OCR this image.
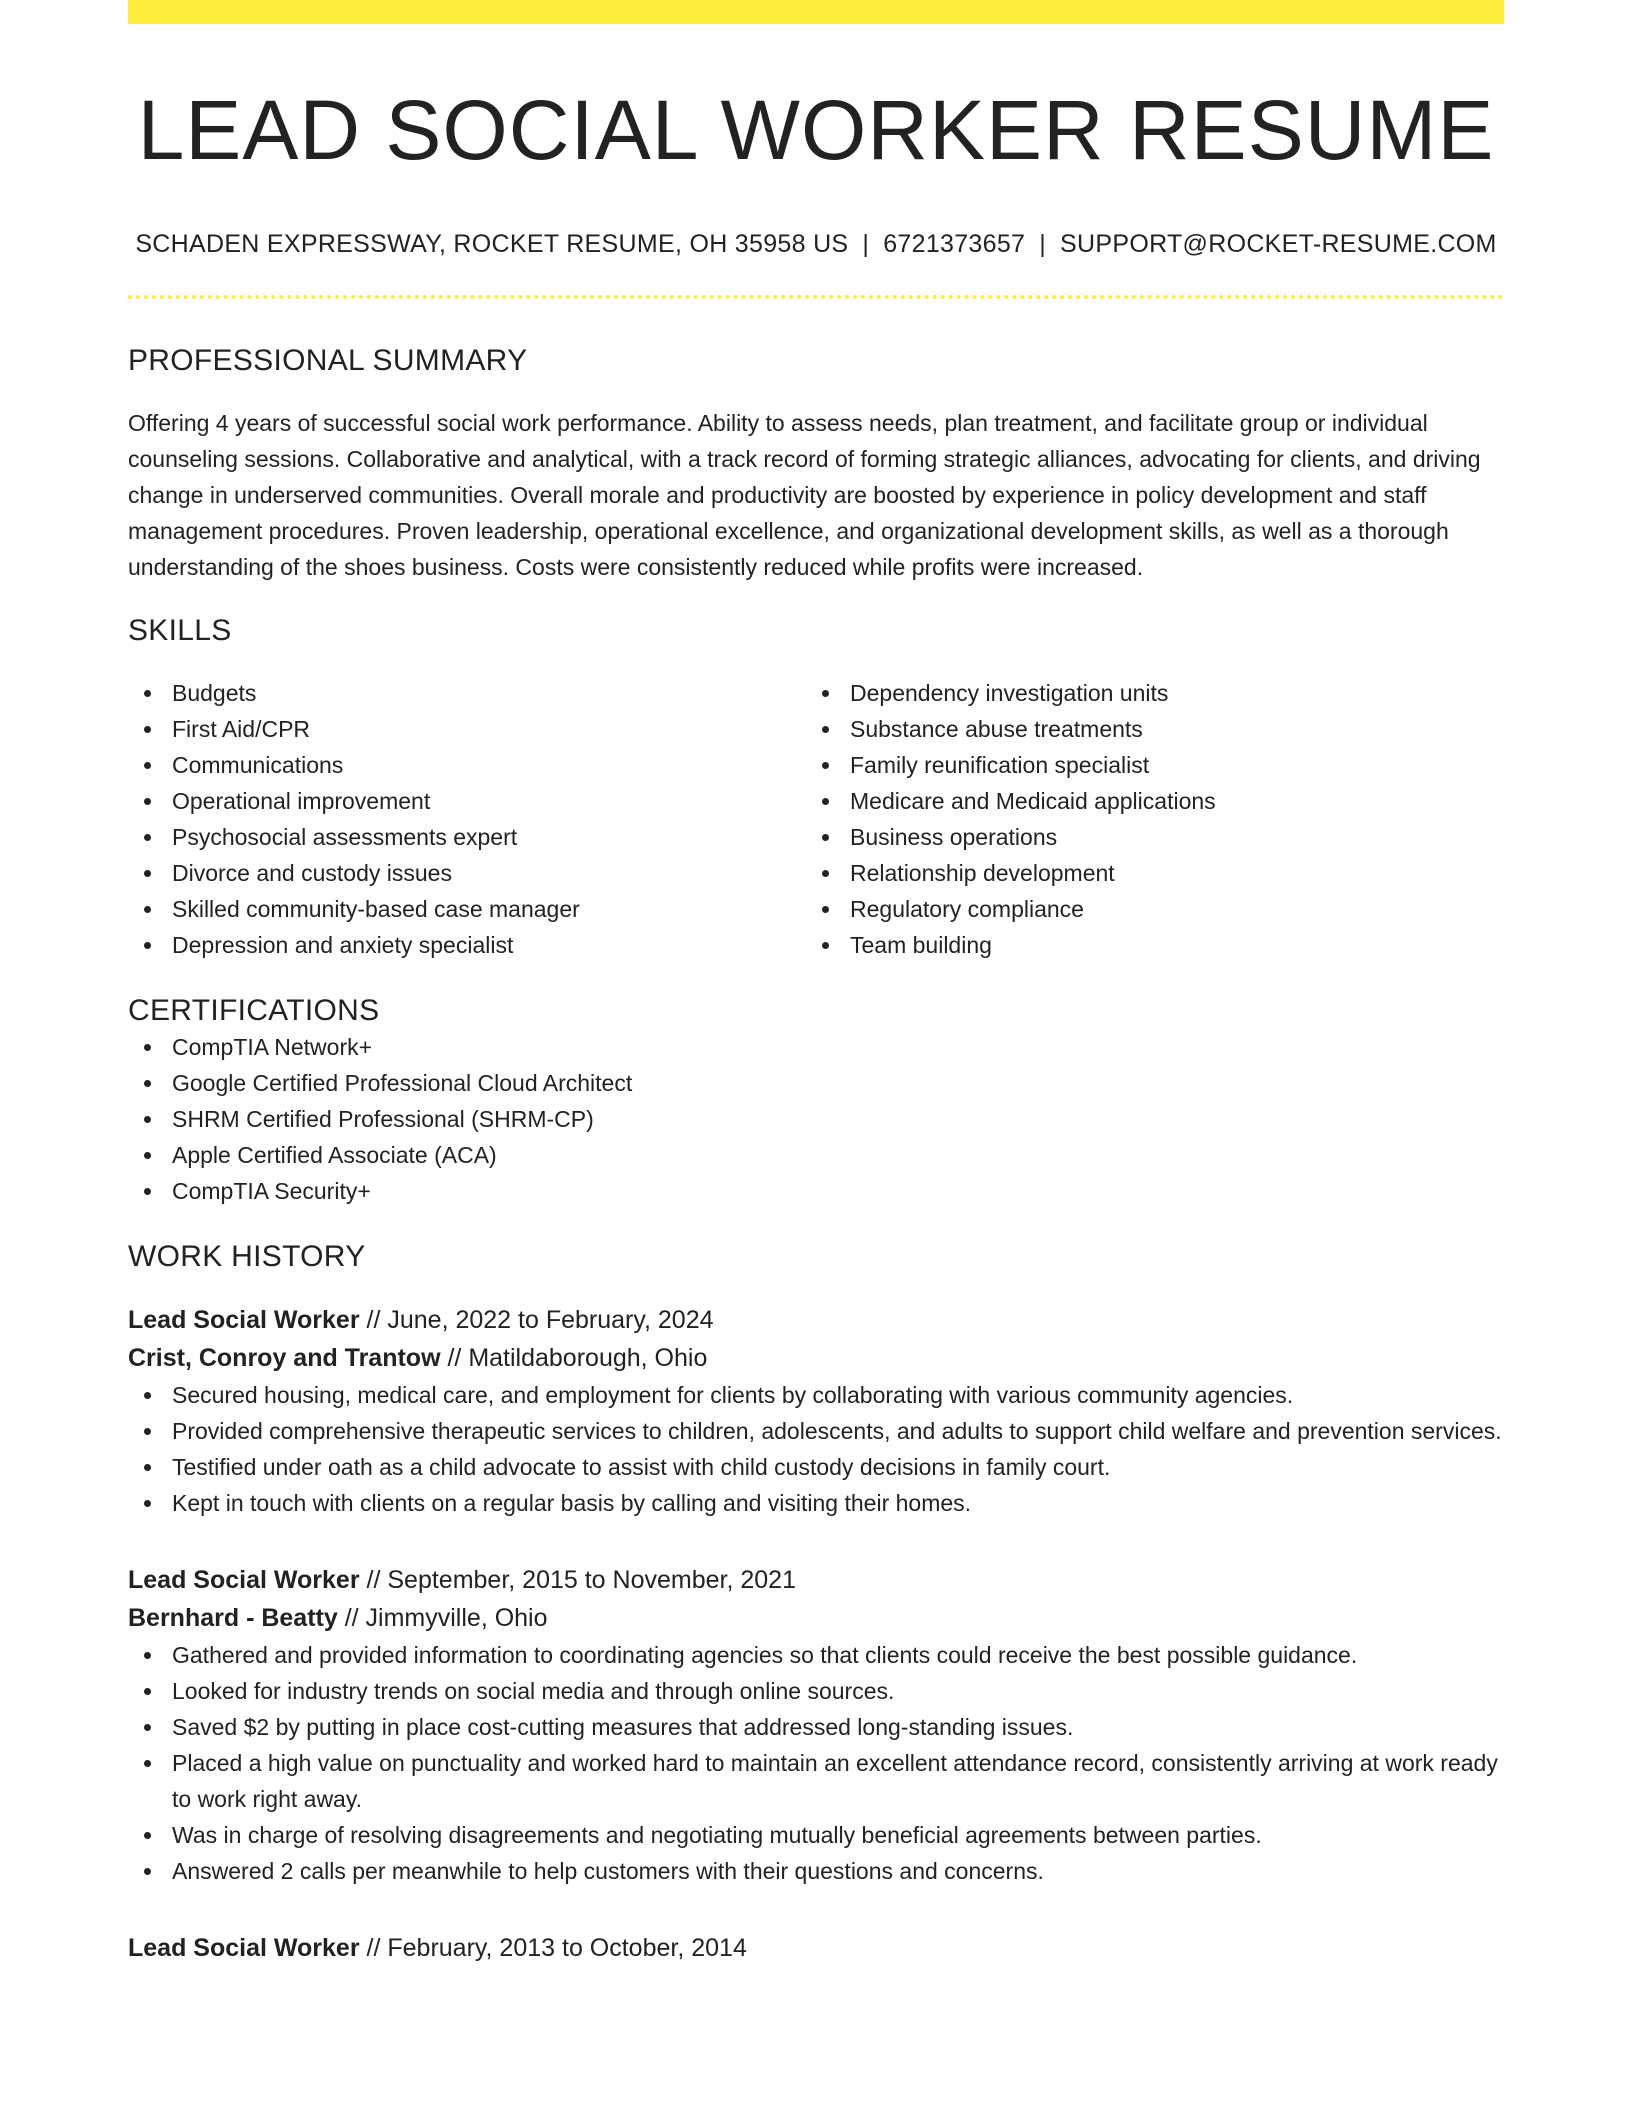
LEAD SOCIAL WORKER RESUME
SCHADEN EXPRESSWAY, ROCKET RESUME, OH 35958 US | 6721373657 | SUPPORT@ROCKET-RESUME.COM
PROFESSIONAL SUMMARY

Offering 4 years of successful social work performance. Ability to assess needs, plan treatment, and facilitate group or individual counseling sessions. Collaborative and analytical, with a track record of forming strategic alliances, advocating for clients, and driving change in underserved communities. Overall morale and productivity are boosted by experience in policy development and staff management procedures. Proven leadership, operational excellence, and organizational development skills, as well as a thorough understanding of the shoes business. Costs were consistently reduced while profits were increased.

SKILLS
Budgets
First Aid/CPR
Communications
Operational improvement
Psychosocial assessments expert
Divorce and custody issues
Skilled community-based case manager
Depression and anxiety specialist
Dependency investigation units
Substance abuse treatments
Family reunification specialist
Medicare and Medicaid applications
Business operations
Relationship development
Regulatory compliance
Team building
CERTIFICATIONS
CompTIA Network+
Google Certified Professional Cloud Architect
SHRM Certified Professional (SHRM-CP)
Apple Certified Associate (ACA)
CompTIA Security+
WORK HISTORY
Lead Social Worker // June, 2022 to February, 2024
Crist, Conroy and Trantow // Matildaborough, Ohio
Secured housing, medical care, and employment for clients by collaborating with various community agencies.
Provided comprehensive therapeutic services to children, adolescents, and adults to support child welfare and prevention services.
Testified under oath as a child advocate to assist with child custody decisions in family court.
Kept in touch with clients on a regular basis by calling and visiting their homes.
Lead Social Worker // September, 2015 to November, 2021
Bernhard - Beatty // Jimmyville, Ohio
Gathered and provided information to coordinating agencies so that clients could receive the best possible guidance.
Looked for industry trends on social media and through online sources.
Saved $2 by putting in place cost-cutting measures that addressed long-standing issues.
Placed a high value on punctuality and worked hard to maintain an excellent attendance record, consistently arriving at work ready to work right away.
Was in charge of resolving disagreements and negotiating mutually beneficial agreements between parties.
Answered 2 calls per meanwhile to help customers with their questions and concerns.
Lead Social Worker // February, 2013 to October, 2014
